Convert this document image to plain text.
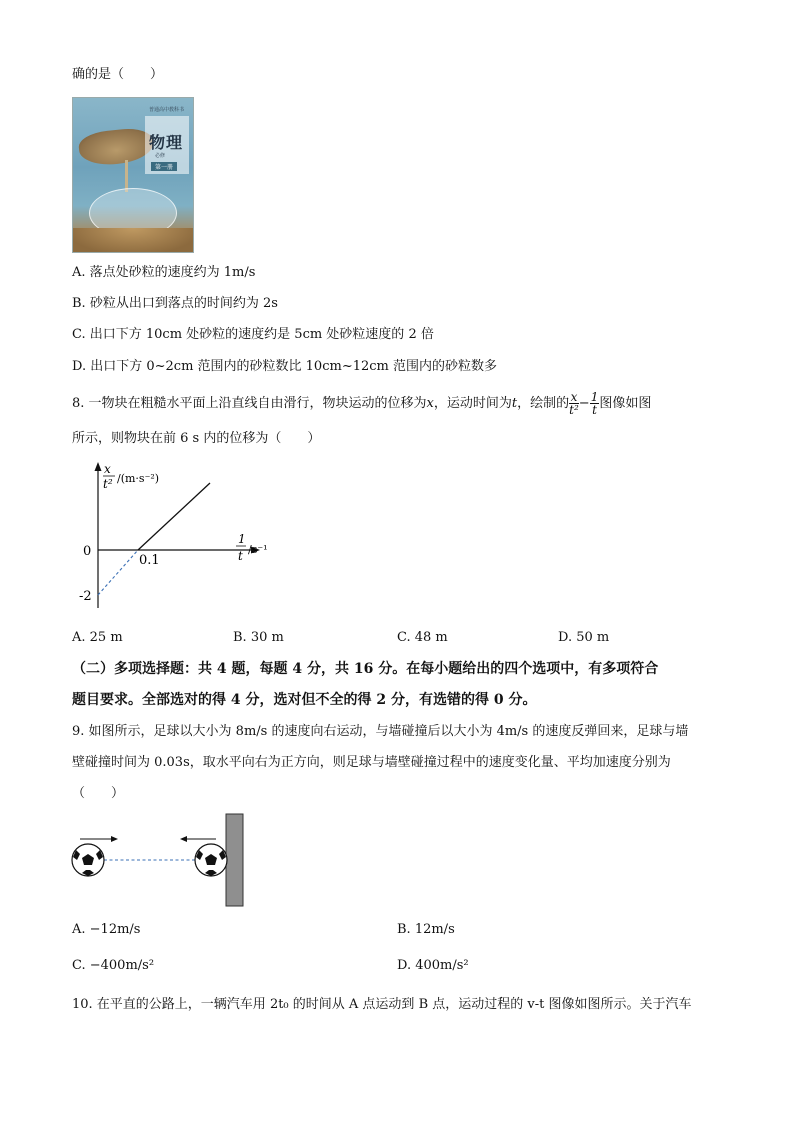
确的是（　　）
普通高中教科书
物理
必修
第一册
A. 落点处砂粒的速度约为 1m/s
B. 砂粒从出口到落点的时间约为 2s
C. 出口下方 10cm 处砂粒的速度约是 5cm 处砂粒速度的 2 倍
D. 出口下方 0~2cm 范围内的砂粒数比 10cm~12cm 范围内的砂粒数多
8. 一物块在粗糙水平面上沿直线自由滑行，物块运动的位移为x，运动时间为t，绘制的 $\frac{x}{\text{t²}} - \frac{1}{t}$ 图像如图
所示，则物块在前 6 s 内的位移为（　　）
x
t² /(m·s⁻²)
1
t /s⁻¹
0
0.1
-2
A. 25 m	B. 30 m	C. 48 m	D. 50 m
（二）多项选择题：共 4 题，每题 4 分，共 16 分。在每小题给出的四个选项中，有多项符合
题目要求。全部选对的得 4 分，选对但不全的得 2 分，有选错的得 0 分。
9. 如图所示，足球以大小为 8m/s 的速度向右运动，与墙碰撞后以大小为 4m/s 的速度反弹回来，足球与墙
壁碰撞时间为 0.03s，取水平向右为正方向，则足球与墙壁碰撞过程中的速度变化量、平均加速度分别为
（　　）
A. −12m/s	B. 12m/s
C. −400m/s²	D. 400m/s²
10. 在平直的公路上，一辆汽车用 2t₀ 的时间从 A 点运动到 B 点，运动过程的 v-t 图像如图所示。关于汽车
